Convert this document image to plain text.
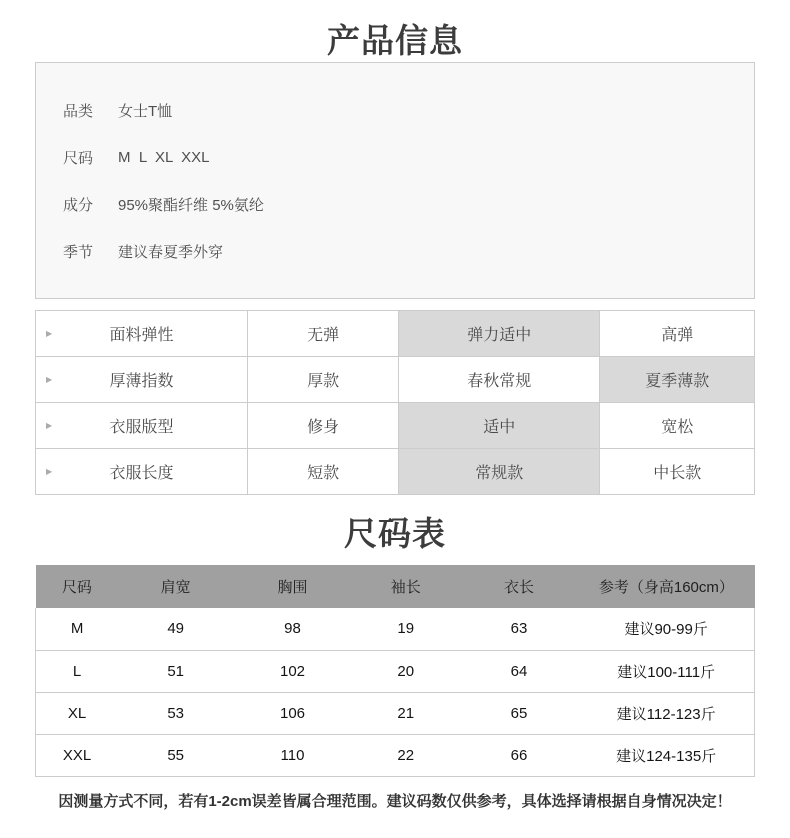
产品信息
品类	女士T恤
尺码	M  L  XL  XXL
成分	95%聚酯纤维 5%氨纶
季节	建议春夏季外穿
▶ 面料弹性	无弹	弹力适中	高弹

▶ 厚薄指数	厚款	春秋常规	夏季薄款

▶ 衣服版型	修身	适中	宽松

▶ 衣服长度	短款	常规款	中长款
尺码表
尺码	肩宽	胸围	袖长	衣长	参考（身高160cm）
M	49	98	19	63	建议90-99斤
L	51	102	20	64	建议100-111斤
XL	53	106	21	65	建议112-123斤
XXL	55	110	22	66	建议124-135斤
因测量方式不同，若有1-2cm误差皆属合理范围。建议码数仅供参考，具体选择请根据自身情况决定！
